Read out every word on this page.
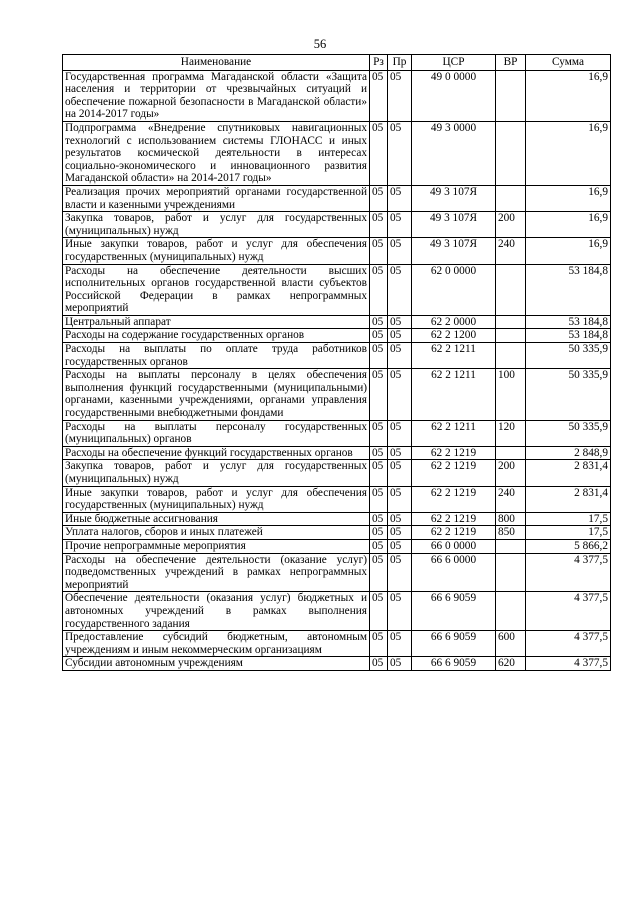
56
Наименование	Рз	Пр	ЦСР	ВР	Сумма
Государственная программа Магаданской области «Защита населения и территории от чрезвычайных ситуаций и обеспечение пожарной безопасности в Магаданской области» на 2014-2017 годы»	05	05	49 0 0000		16,9
Подпрограмма «Внедрение спутниковых навигационных технологий с использованием системы ГЛОНАСС и иных результатов космической деятельности в интересах социально-экономического и инновационного развития Магаданской области» на 2014-2017 годы»	05	05	49 3 0000		16,9
Реализация прочих мероприятий органами государственной власти и казенными учреждениями	05	05	49 3 107Я		16,9
Закупка товаров, работ и услуг для государственных (муниципальных) нужд	05	05	49 3 107Я	200	16,9
Иные закупки товаров, работ и услуг для обеспечения государственных (муниципальных) нужд	05	05	49 3 107Я	240	16,9
Расходы на обеспечение деятельности высших исполнительных органов государственной власти субъектов Российской Федерации в рамках непрограммных мероприятий	05	05	62 0 0000		53 184,8
Центральный аппарат	05	05	62 2 0000		53 184,8
Расходы на содержание государственных органов	05	05	62 2 1200		53 184,8
Расходы на выплаты по оплате труда работников государственных органов	05	05	62 2 1211		50 335,9
Расходы на выплаты персоналу в целях обеспечения выполнения функций государственными (муниципальными) органами, казенными учреждениями, органами управления государственными внебюджетными фондами	05	05	62 2 1211	100	50 335,9
Расходы на выплаты персоналу государственных (муниципальных) органов	05	05	62 2 1211	120	50 335,9
Расходы на обеспечение функций государственных органов	05	05	62 2 1219		2 848,9
Закупка товаров, работ и услуг для государственных (муниципальных) нужд	05	05	62 2 1219	200	2 831,4
Иные закупки товаров, работ и услуг для обеспечения государственных (муниципальных) нужд	05	05	62 2 1219	240	2 831,4
Иные бюджетные ассигнования	05	05	62 2 1219	800	17,5
Уплата налогов, сборов и иных платежей	05	05	62 2 1219	850	17,5
Прочие непрограммные мероприятия	05	05	66 0 0000		5 866,2
Расходы на обеспечение деятельности (оказание услуг) подведомственных учреждений в рамках непрограммных мероприятий	05	05	66 6 0000		4 377,5
Обеспечение деятельности (оказания услуг) бюджетных и автономных учреждений в рамках выполнения государственного задания	05	05	66 6 9059		4 377,5
Предоставление субсидий бюджетным, автономным учреждениям и иным некоммерческим организациям	05	05	66 6 9059	600	4 377,5
Субсидии автономным учреждениям	05	05	66 6 9059	620	4 377,5
